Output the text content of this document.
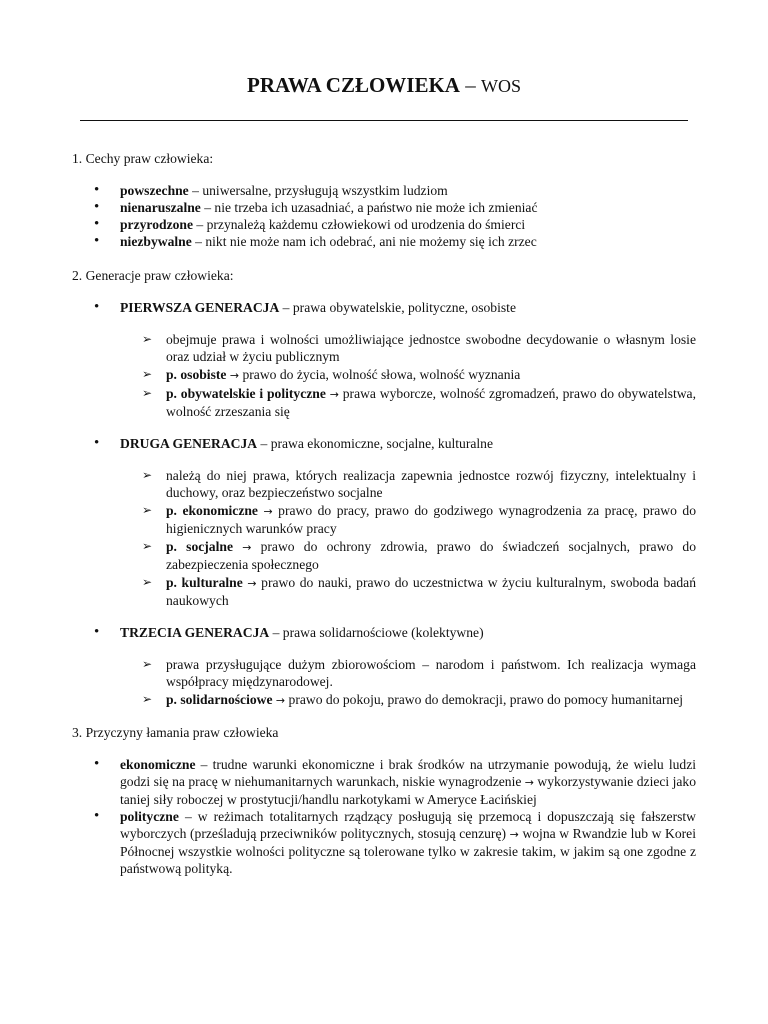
PRAWA CZŁOWIEKA – WOS

1. Cechy praw człowieka:

• powszechne – uniwersalne, przysługują wszystkim ludziom
• nienaruszalne – nie trzeba ich uzasadniać, a państwo nie może ich zmieniać
• przyrodzone – przynależą każdemu człowiekowi od urodzenia do śmierci
• niezbywalne – nikt nie może nam ich odebrać, ani nie możemy się ich zrzec

2. Generacje praw człowieka:

• PIERWSZA GENERACJA – prawa obywatelskie, polityczne, osobiste
➢ obejmuje prawa i wolności umożliwiające jednostce swobodne decydowanie o własnym losie oraz udział w życiu publicznym
➢ p. osobiste → prawo do życia, wolność słowa, wolność wyznania
➢ p. obywatelskie i polityczne → prawa wyborcze, wolność zgromadzeń, prawo do obywatelstwa, wolność zrzeszania się
• DRUGA GENERACJA – prawa ekonomiczne, socjalne, kulturalne
➢ należą do niej prawa, których realizacja zapewnia jednostce rozwój fizyczny, intelektualny i duchowy, oraz bezpieczeństwo socjalne
➢ p. ekonomiczne → prawo do pracy, prawo do godziwego wynagrodzenia za pracę, prawo do higienicznych warunków pracy
➢ p. socjalne → prawo do ochrony zdrowia, prawo do świadczeń socjalnych, prawo do zabezpieczenia społecznego
➢ p. kulturalne → prawo do nauki, prawo do uczestnictwa w życiu kulturalnym, swoboda badań naukowych
• TRZECIA GENERACJA – prawa solidarnościowe (kolektywne)
➢ prawa przysługujące dużym zbiorowościom – narodom i państwom. Ich realizacja wymaga współpracy międzynarodowej.
➢ p. solidarnościowe → prawo do pokoju, prawo do demokracji, prawo do pomocy humanitarnej

3. Przyczyny łamania praw człowieka

• ekonomiczne – trudne warunki ekonomiczne i brak środków na utrzymanie powodują, że wielu ludzi godzi się na pracę w niehumanitarnych warunkach, niskie wynagrodzenie → wykorzystywanie dzieci jako taniej siły roboczej w prostytucji/handlu narkotykami w Ameryce Łacińskiej
• polityczne – w reżimach totalitarnych rządzący posługują się przemocą i dopuszczają się fałszerstw wyborczych (prześladują przeciwników politycznych, stosują cenzurę) → wojna w Rwandzie lub w Korei Północnej wszystkie wolności polityczne są tolerowane tylko w zakresie takim, w jakim są one zgodne z państwową polityką.
